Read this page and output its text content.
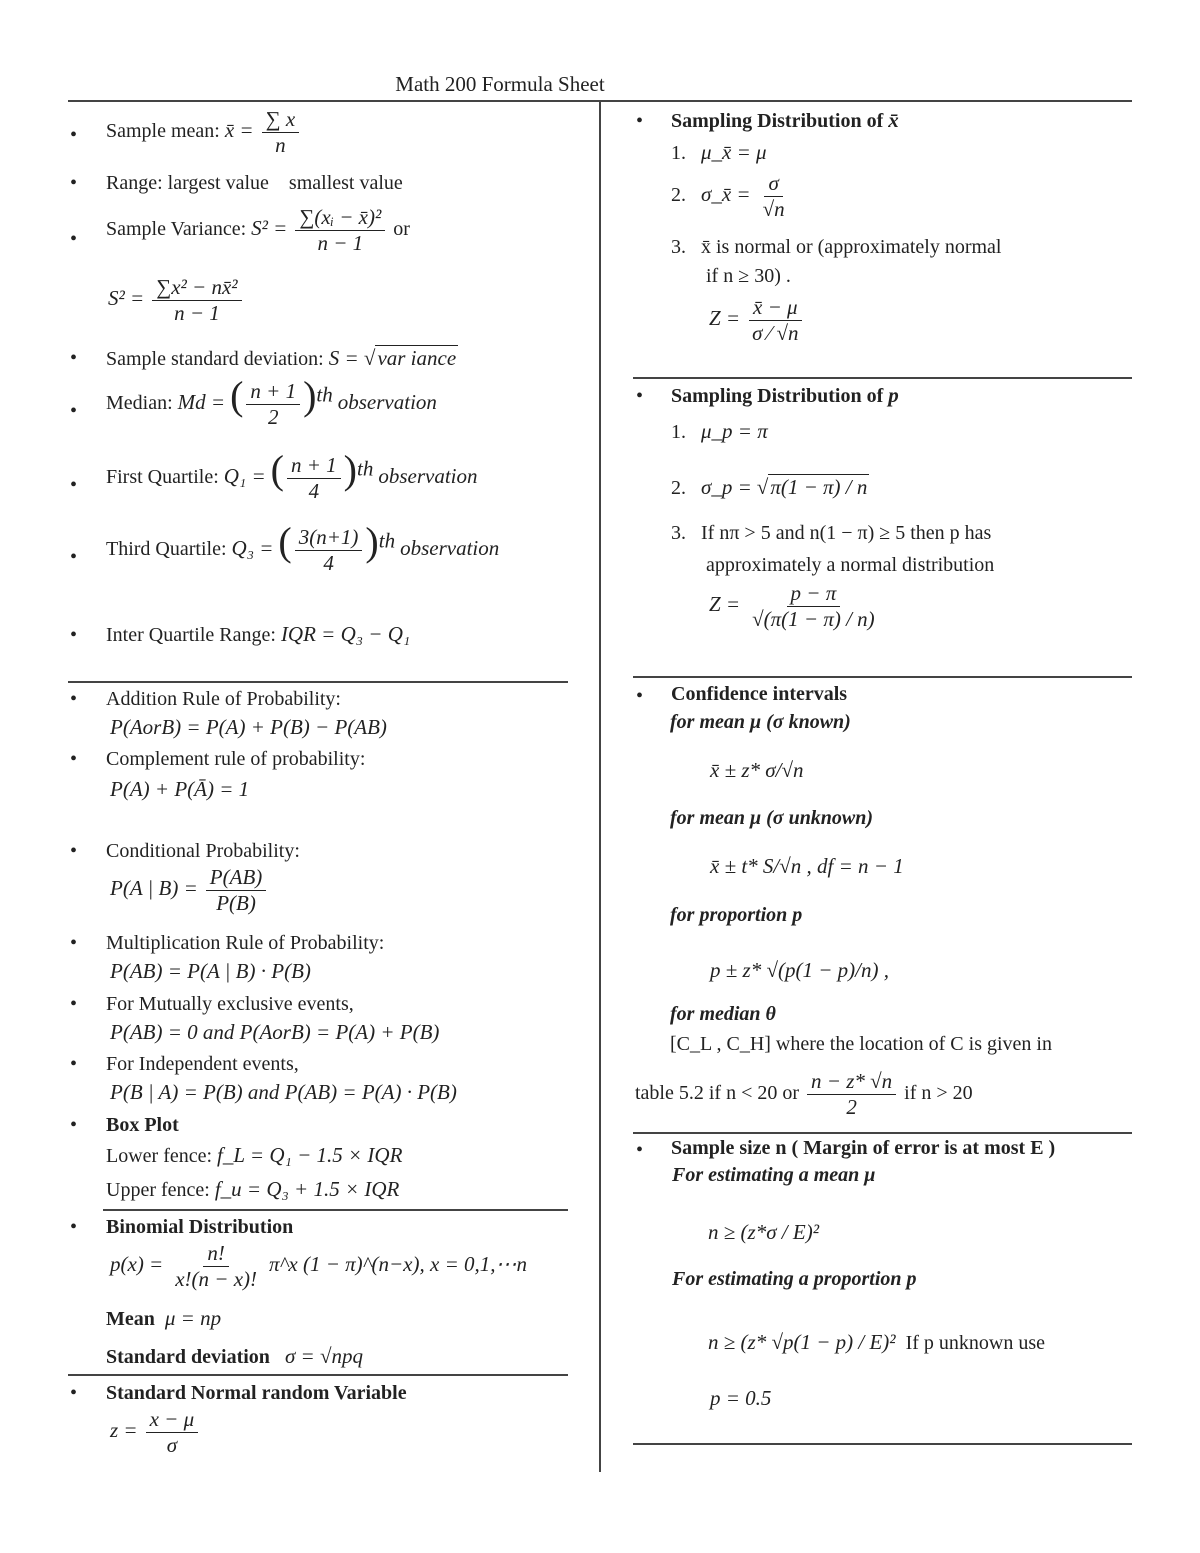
Math 200 Formula Sheet
• Sample mean: x̄ = $\frac{\sum x}{n}$
• Range: largest value smallest value
• Sample Variance: $S^2 = \frac{\text{∑(xᵢ − x̄)²}}{n - 1}$ or
$S^2 = \frac{\text{∑x² − nx̄²}}{n - 1}$
• Sample standard deviation: S = √var iance
• Median: Md = ( $\frac{n + 1}{2} )^{th}$ observation
• First Quartile: Q₁ = ( $\frac{n + 1}{4} )^{th}$ observation
• Third Quartile: Q₃ = ( $\frac{3(n+1)}{4} )^{th}$ observation
• Inter Quartile Range: IQR = Q₃ − Q₁
• Addition Rule of Probability:
P(AorB) = P(A) + P(B) − P(AB)
• Complement rule of probability:
P(A) + P(Ā) = 1
• Conditional Probability:
P(A | $B) = \frac{P(AB)}{P(B)}$
• Multiplication Rule of Probability:
P(AB) = P(A | B) · P(B)
• For Mutually exclusive events,
P(AB) = 0 and P(AorB) = P(A) + P(B)
• For Independent events,
P(B | A) = P(B) and P(AB) = P(A) · P(B)
• Box Plot
Lower fence: f_L = Q₁ − 1.5 × IQR
Upper fence: f_u = Q₃ + 1.5 × IQR
• Binomial Distribution
$p(x) = \frac{n!}{x!(n - x)!}$ π^x (1 − π)^(n−x), x = 0,1,⋯n
Mean μ = np
Standard deviation σ = √npq
• Standard Normal random Variable
$z = \frac{x - \mu}{\sigma}$
• Sampling Distribution of x̄
1. μ_x̄ = μ
2. σ_x̄ = $\frac{\sigma}{√n}$
3. x̄ is normal or (approximately normal
if n ≥ 30) .
$Z = \frac{x̄ - \mu}{\sigma ⁄ √n}$
• Sampling Distribution of p
1. μ_p = π
2. σ_p = √π(1 − π) / n
3. If nπ > 5 and n(1 − π) ≥ 5 then p has
approximately a normal distribution
$Z = \frac{p - \pi}{√(\pi(1 - \pi) / n)}$
• Confidence intervals
for mean μ (σ known)
x̄ ± z* σ/√n
for mean μ (σ unknown)
x̄ ± t* S/√n , df = n − 1
for proportion p
p ± z* √(p(1 − p)/n) ,
for median θ
[C_L , C_H] where the location of C is given in
table 5.2 if n < 20 or $\frac{n - z* √n}{2}$ if n > 20
• Sample size n ( Margin of error is at most E )
For estimating a mean μ
n ≥ (z*σ / E)²
For estimating a proportion p
n ≥ (z* √p(1 − p) / E)² If p unknown use
p = 0.5
